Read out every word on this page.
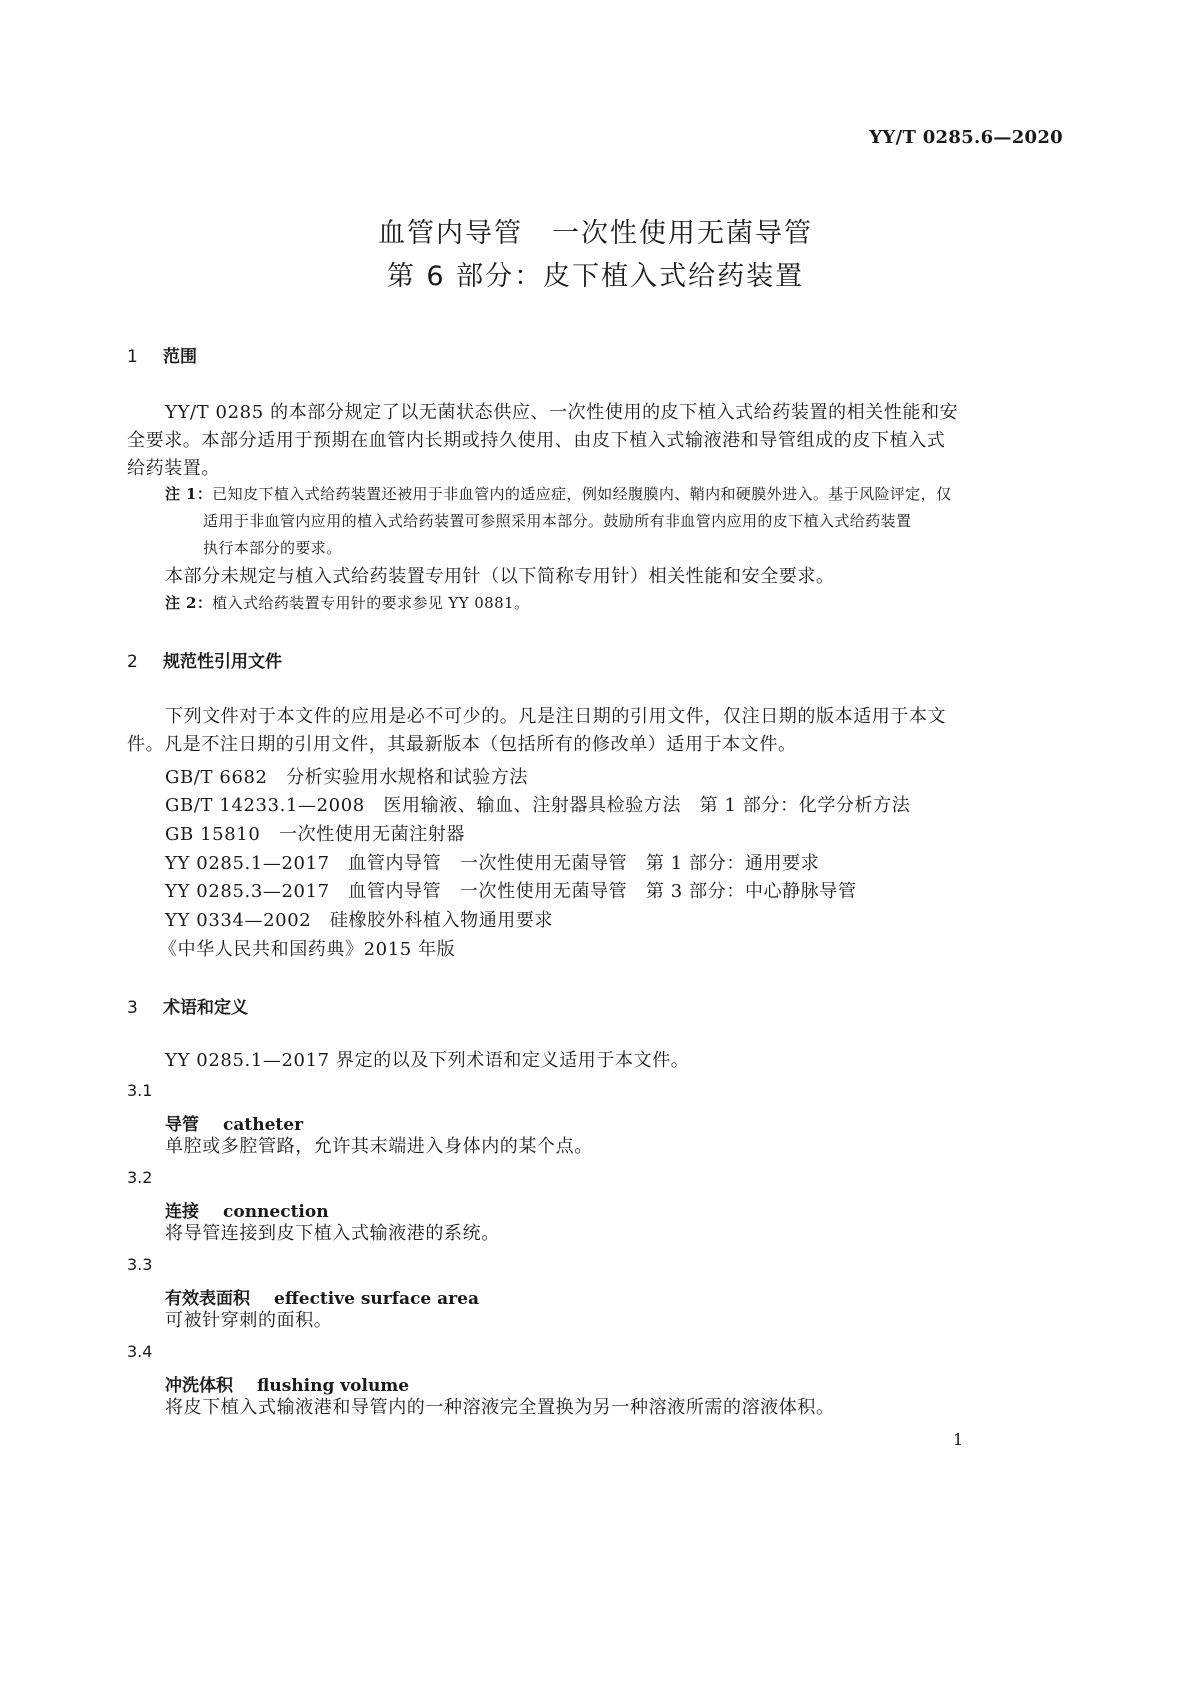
YY/T 0285.6—2020
血管内导管　一次性使用无菌导管
第 6 部分：皮下植入式给药装置
1 范围
YY/T 0285 的本部分规定了以无菌状态供应、一次性使用的皮下植入式给药装置的相关性能和安
全要求。本部分适用于预期在血管内长期或持久使用、由皮下植入式输液港和导管组成的皮下植入式
给药装置。
注 1：已知皮下植入式给药装置还被用于非血管内的适应症，例如经腹膜内、鞘内和硬膜外进入。基于风险评定，仅
适用于非血管内应用的植入式给药装置可参照采用本部分。鼓励所有非血管内应用的皮下植入式给药装置
执行本部分的要求。
本部分未规定与植入式给药装置专用针（以下简称专用针）相关性能和安全要求。
注 2：植入式给药装置专用针的要求参见 YY 0881。
2 规范性引用文件
下列文件对于本文件的应用是必不可少的。凡是注日期的引用文件，仅注日期的版本适用于本文
件。凡是不注日期的引用文件，其最新版本（包括所有的修改单）适用于本文件。
GB/T 6682　分析实验用水规格和试验方法
GB/T 14233.1—2008　医用输液、输血、注射器具检验方法　第 1 部分：化学分析方法
GB 15810　一次性使用无菌注射器
YY 0285.1—2017　血管内导管　一次性使用无菌导管　第 1 部分：通用要求
YY 0285.3—2017　血管内导管　一次性使用无菌导管　第 3 部分：中心静脉导管
YY 0334—2002　硅橡胶外科植入物通用要求
《中华人民共和国药典》2015 年版
3 术语和定义
YY 0285.1—2017 界定的以及下列术语和定义适用于本文件。
3.1
导管 catheter
单腔或多腔管路，允许其末端进入身体内的某个点。
3.2
连接 connection
将导管连接到皮下植入式输液港的系统。
3.3
有效表面积 effective surface area
可被针穿刺的面积。
3.4
冲洗体积 flushing volume
将皮下植入式输液港和导管内的一种溶液完全置换为另一种溶液所需的溶液体积。
1
